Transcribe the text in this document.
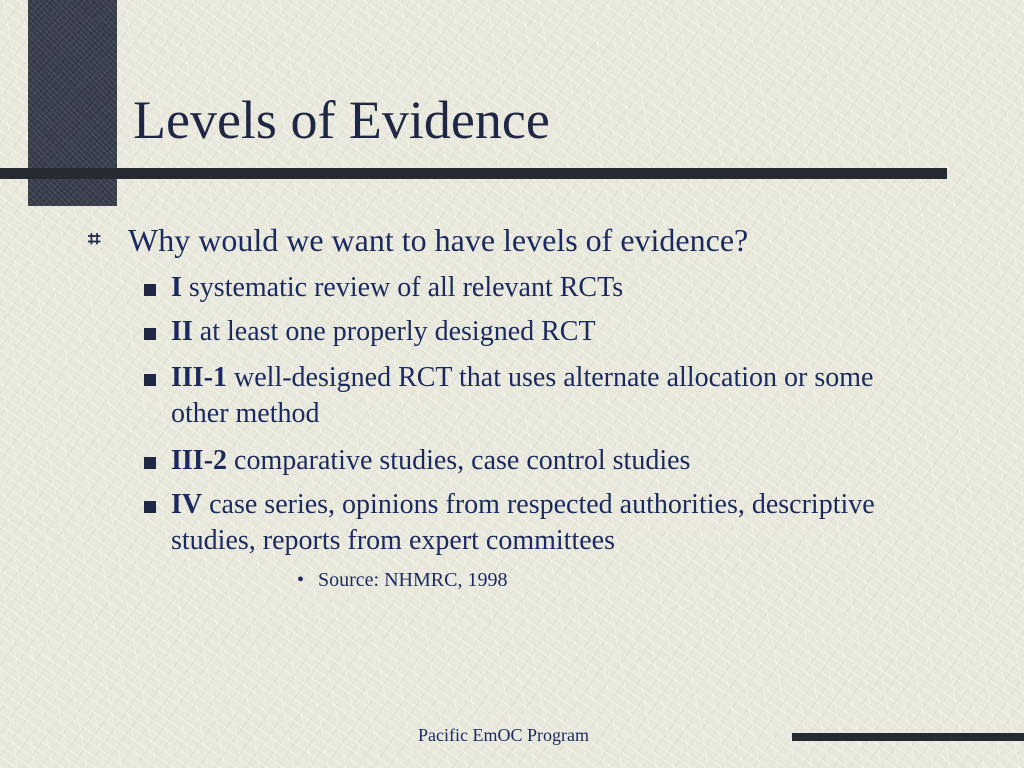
Levels of Evidence
⌗ Why would we want to have levels of evidence?
I systematic review of all relevant RCTs
II at least one properly designed RCT
III-1 well-designed RCT that uses alternate allocation or some other method
III-2 comparative studies, case control studies
IV case series, opinions from respected authorities, descriptive studies, reports from expert committees
• Source: NHMRC, 1998
Pacific EmOC Program
